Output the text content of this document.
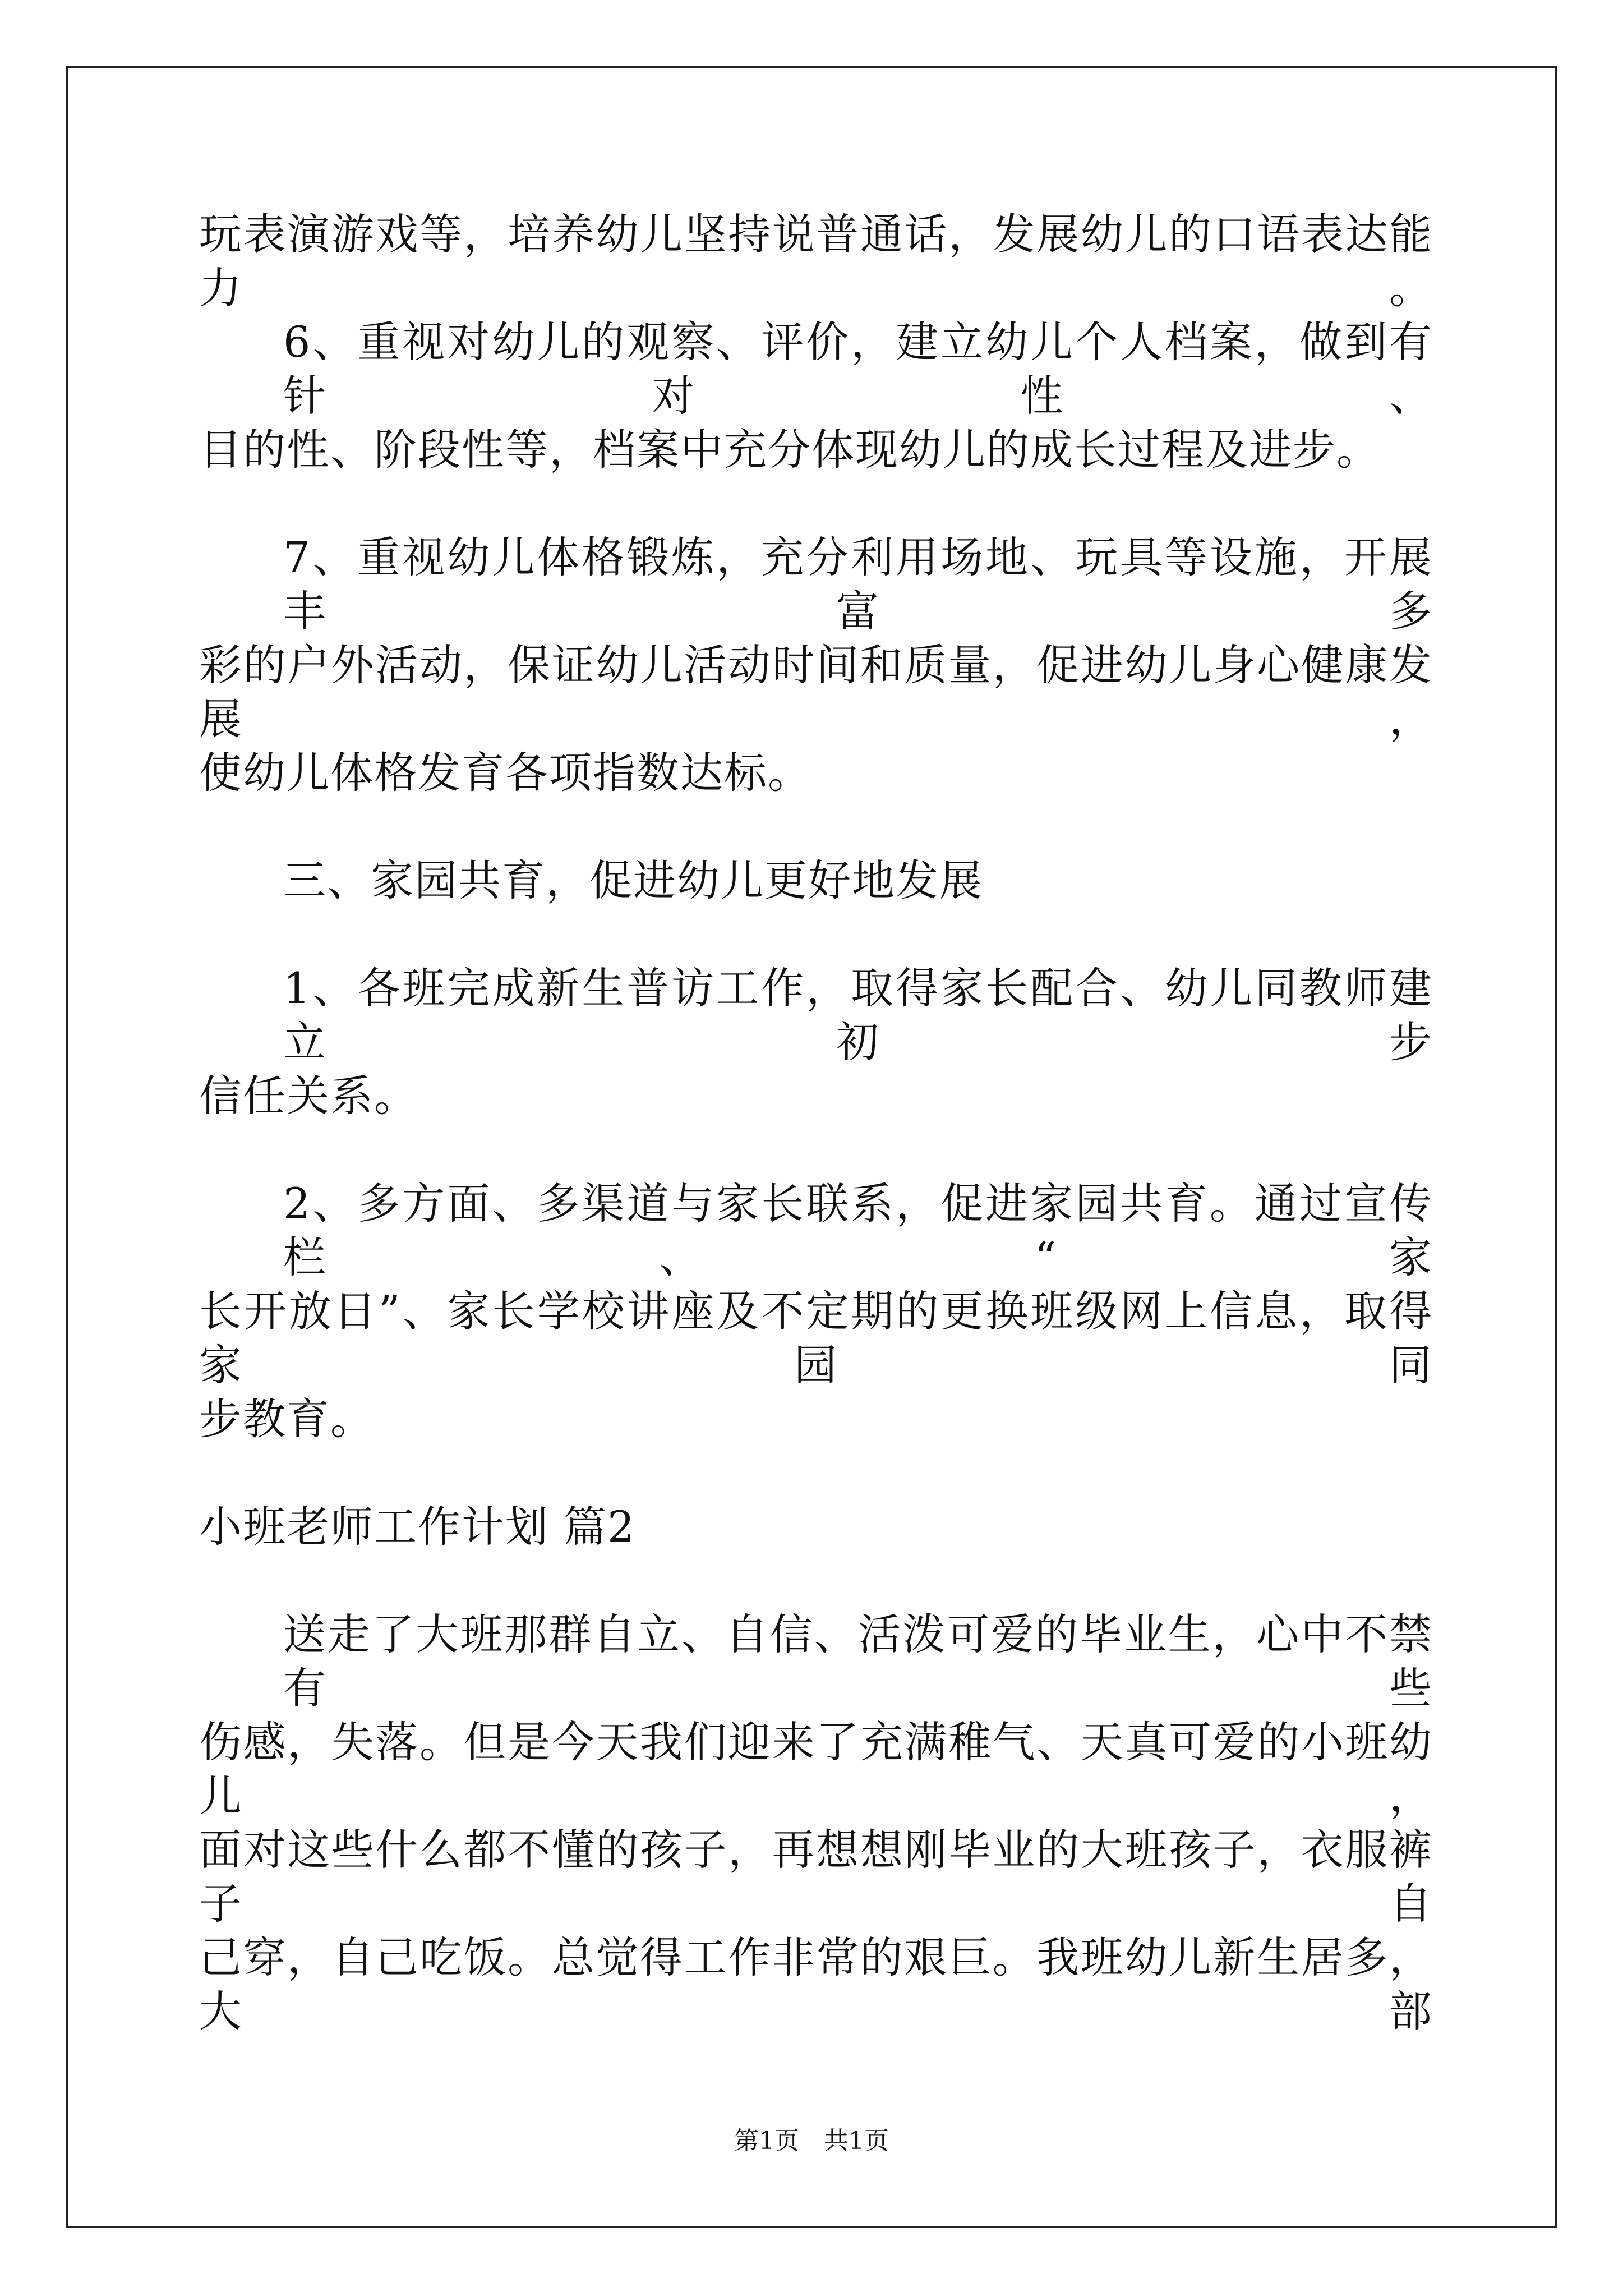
玩表演游戏等，培养幼儿坚持说普通话，发展幼儿的口语表达能力。
6、重视对幼儿的观察、评价，建立幼儿个人档案，做到有针对性、
目的性、阶段性等，档案中充分体现幼儿的成长过程及进步。
7、重视幼儿体格锻炼，充分利用场地、玩具等设施，开展丰富多
彩的户外活动，保证幼儿活动时间和质量，促进幼儿身心健康发展，
使幼儿体格发育各项指数达标。
三、家园共育，促进幼儿更好地发展
1、各班完成新生普访工作，取得家长配合、幼儿同教师建立初步
信任关系。
2、多方面、多渠道与家长联系，促进家园共育。通过宣传栏、“家
长开放日”、家长学校讲座及不定期的更换班级网上信息，取得家园同
步教育。
小班老师工作计划 篇2
送走了大班那群自立、自信、活泼可爱的毕业生，心中不禁有些
伤感，失落。但是今天我们迎来了充满稚气、天真可爱的小班幼儿，
面对这些什么都不懂的孩子，再想想刚毕业的大班孩子，衣服裤子自
己穿，自己吃饭。总觉得工作非常的艰巨。我班幼儿新生居多，大部
第1页 共1页
